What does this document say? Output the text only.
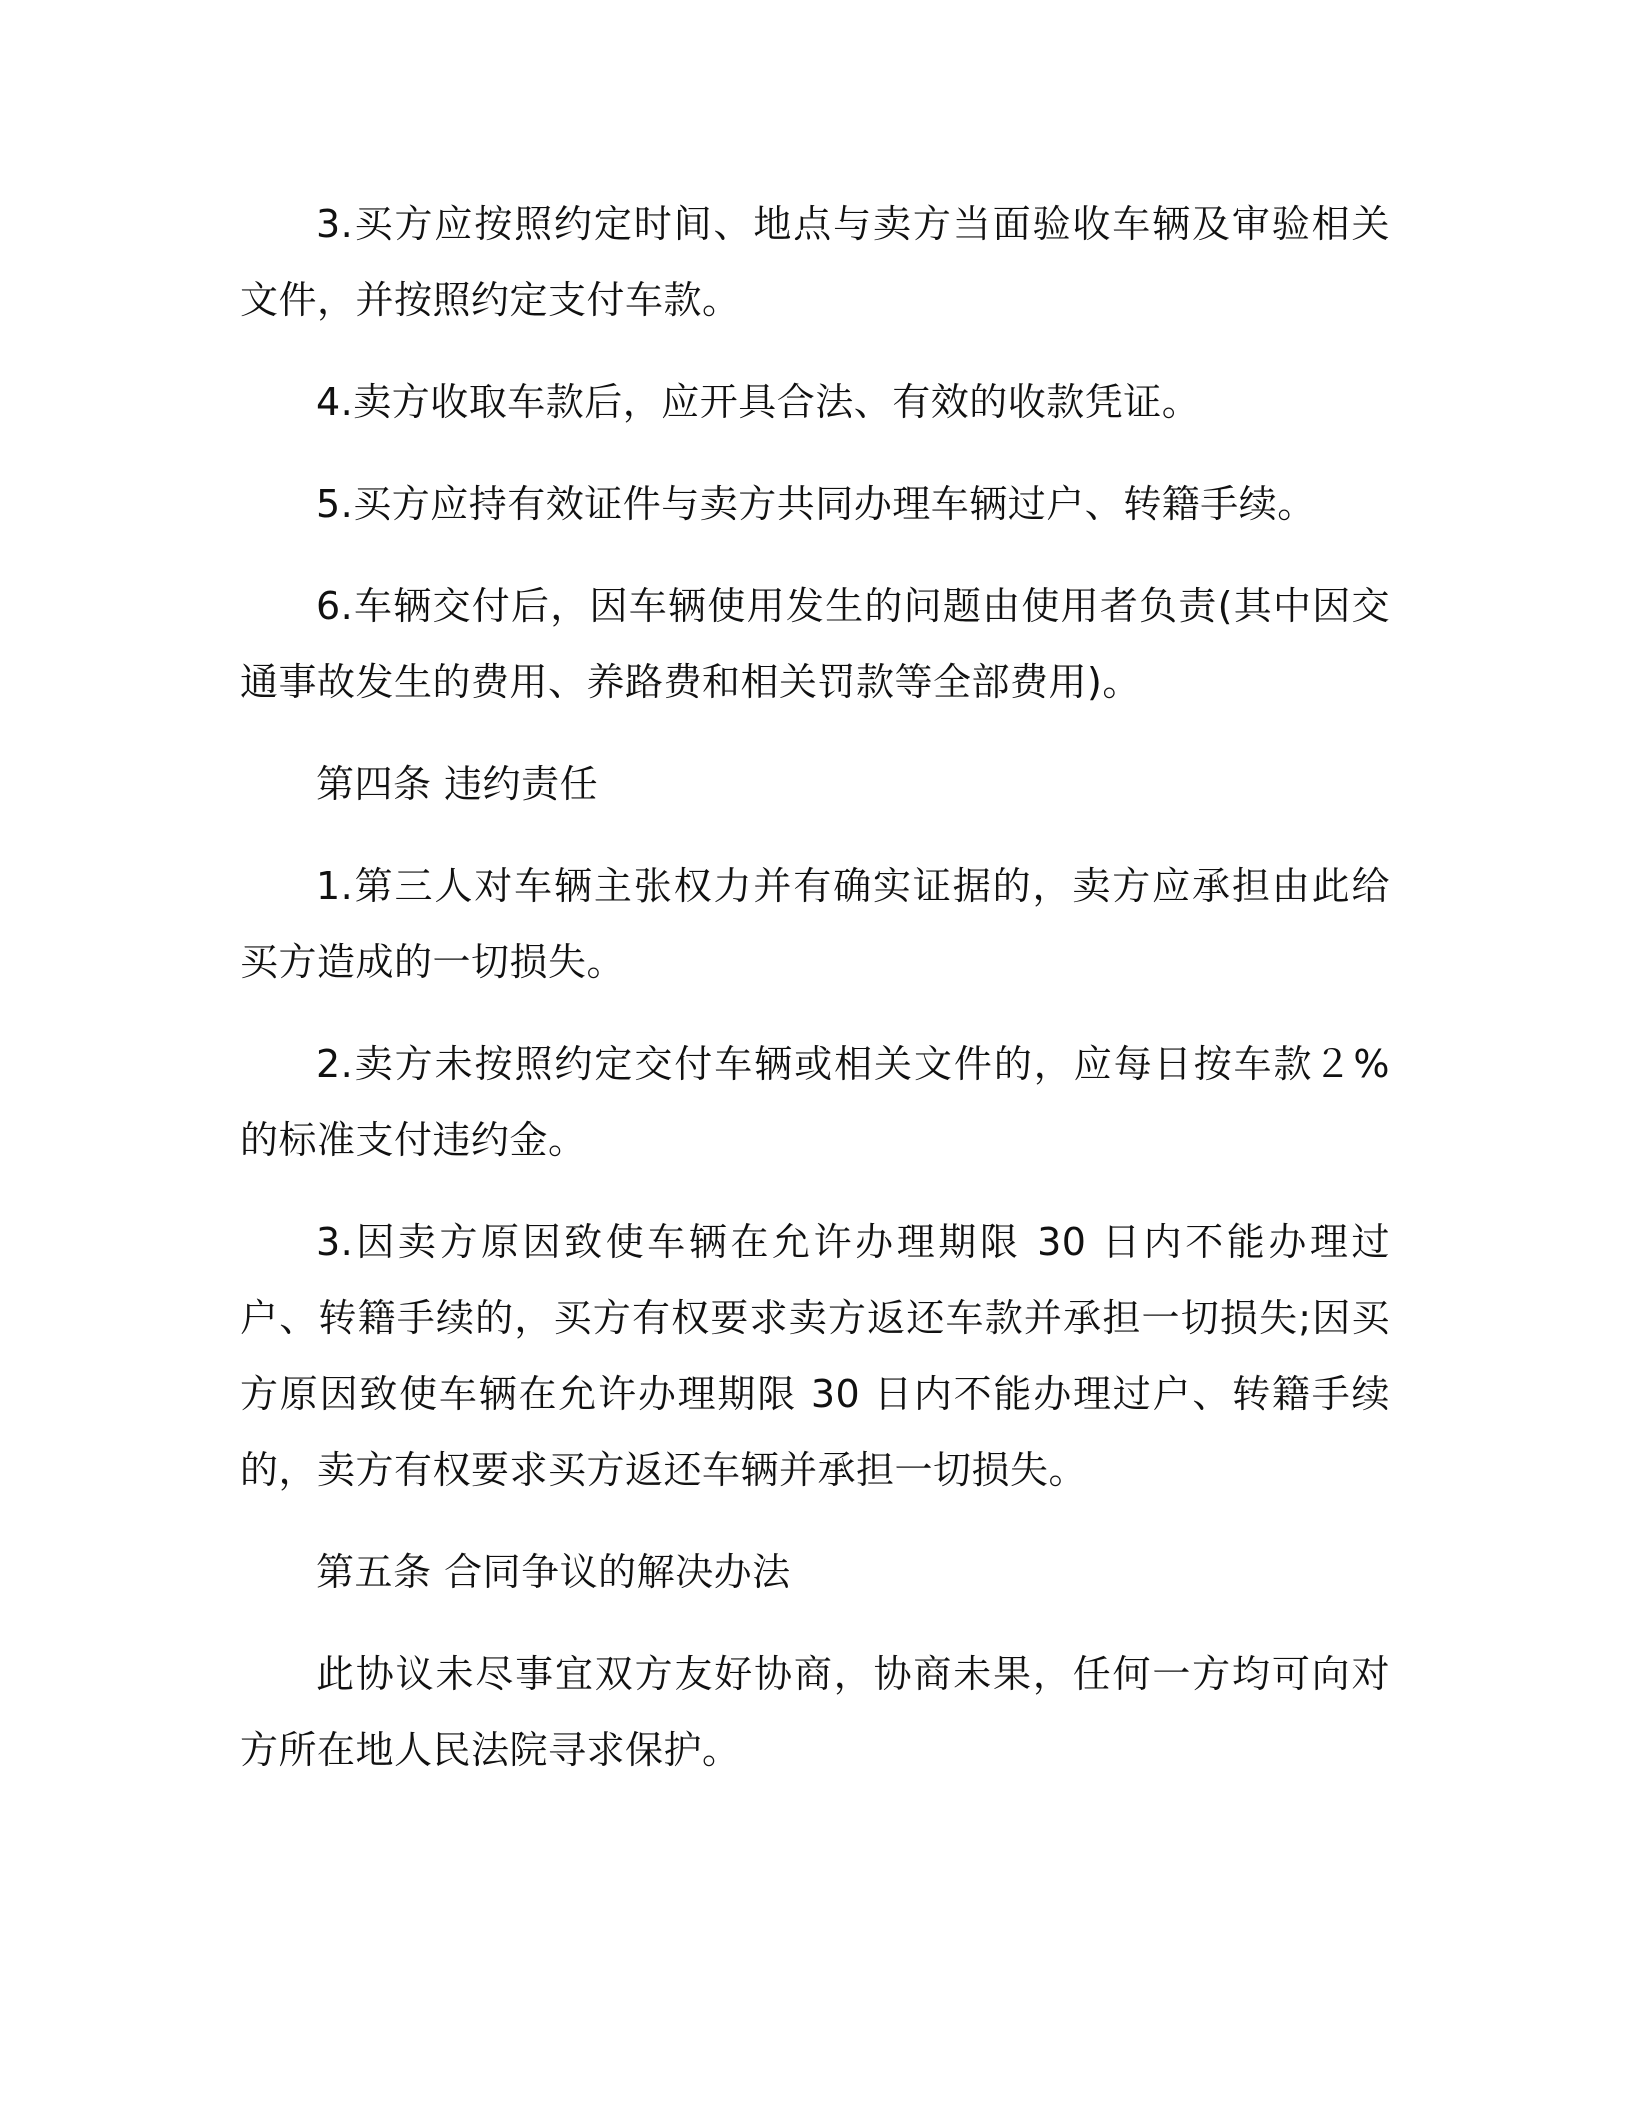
3.买方应按照约定时间、地点与卖方当面验收车辆及审验相关文件，并按照约定支付车款。

4.卖方收取车款后，应开具合法、有效的收款凭证。

5.买方应持有效证件与卖方共同办理车辆过户、转籍手续。

6.车辆交付后，因车辆使用发生的问题由使用者负责(其中因交通事故发生的费用、养路费和相关罚款等全部费用)。

第四条 违约责任

1.第三人对车辆主张权力并有确实证据的，卖方应承担由此给买方造成的一切损失。

2.卖方未按照约定交付车辆或相关文件的，应每日按车款２%的标准支付违约金。

3.因卖方原因致使车辆在允许办理期限 30 日内不能办理过户、转籍手续的，买方有权要求卖方返还车款并承担一切损失;因买方原因致使车辆在允许办理期限 30 日内不能办理过户、转籍手续的，卖方有权要求买方返还车辆并承担一切损失。

第五条 合同争议的解决办法

此协议未尽事宜双方友好协商，协商未果，任何一方均可向对方所在地人民法院寻求保护。
